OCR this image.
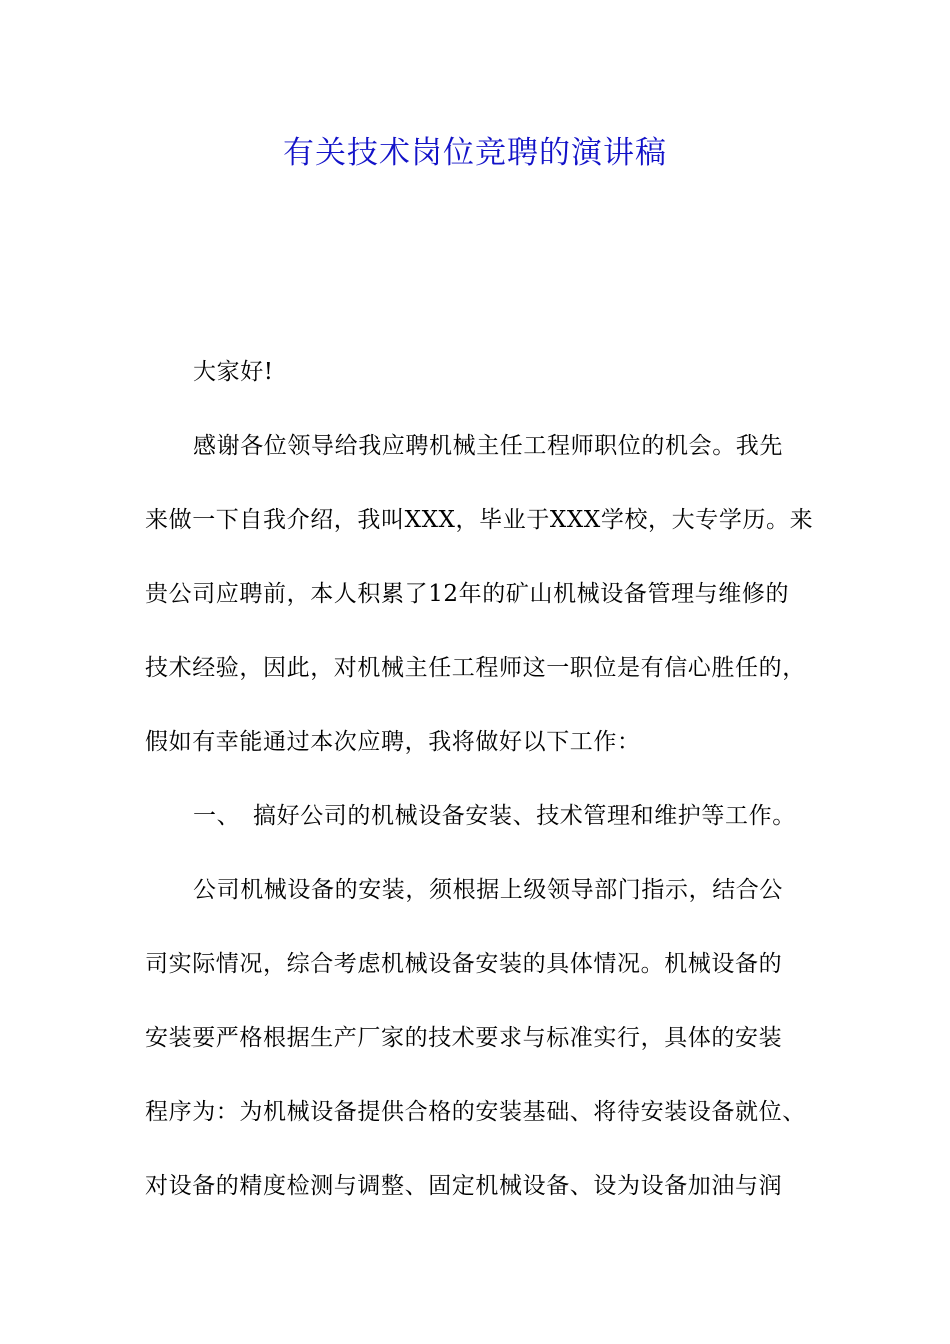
有关技术岗位竞聘的演讲稿
大家好!
感谢各位领导给我应聘机械主任工程师职位的机会。我先
来做一下自我介绍，我叫XXX，毕业于XXX学校，大专学历。来
贵公司应聘前，本人积累了12年的矿山机械设备管理与维修的
技术经验，因此，对机械主任工程师这一职位是有信心胜任的，
假如有幸能通过本次应聘，我将做好以下工作：
一、 搞好公司的机械设备安装、技术管理和维护等工作。
公司机械设备的安装，须根据上级领导部门指示，结合公
司实际情况，综合考虑机械设备安装的具体情况。机械设备的
安装要严格根据生产厂家的技术要求与标准实行，具体的安装
程序为：为机械设备提供合格的安装基础、将待安装设备就位、
对设备的精度检测与调整、固定机械设备、设为设备加油与润
